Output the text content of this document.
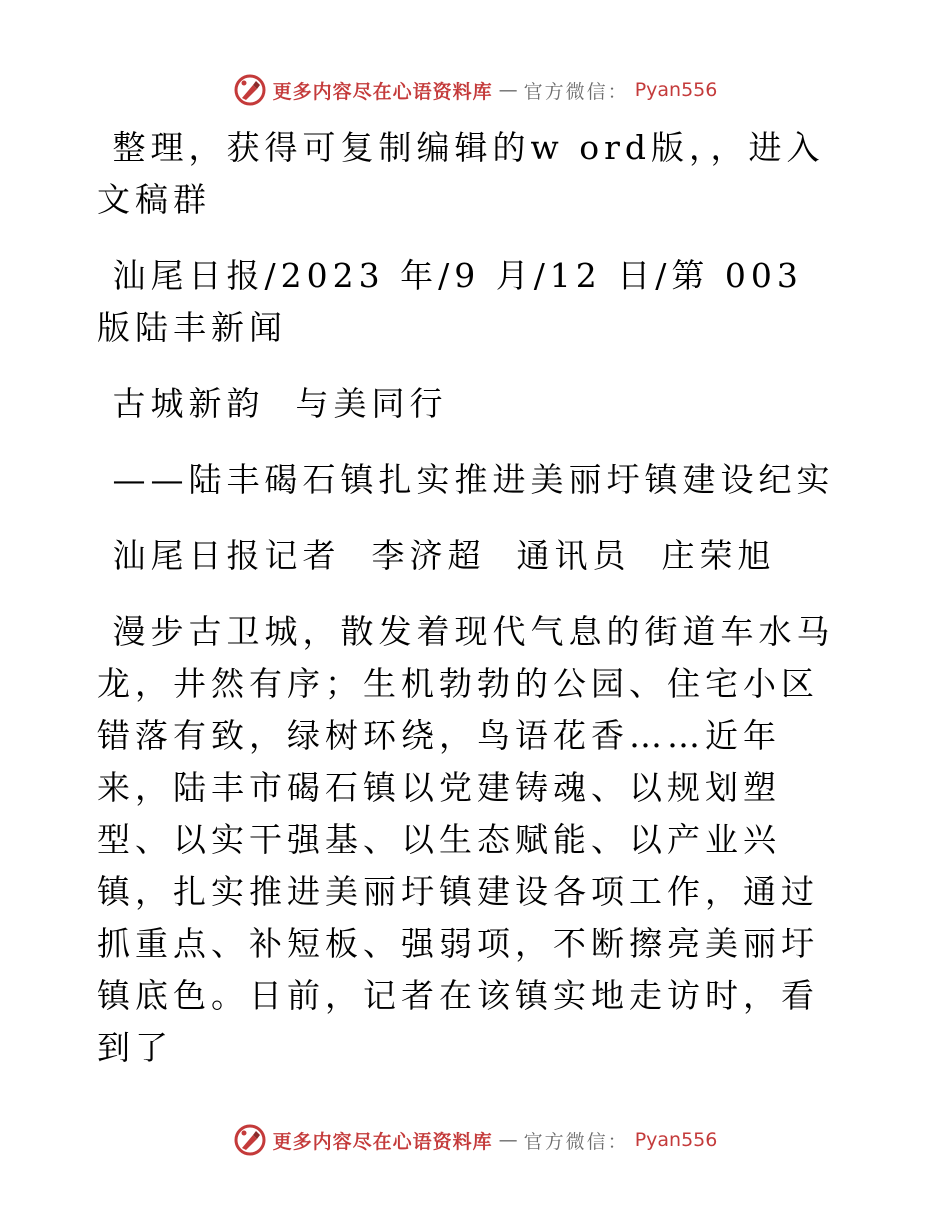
更多内容尽在心语资料库 — 官方微信： Pyan556

整理，获得可复制编辑的w ord版，，进入文稿群

汕尾日报/2023 年/9 月/12 日/第 003 版陆丰新闻

古城新韵  与美同行

——陆丰碣石镇扎实推进美丽圩镇建设纪实

汕尾日报记者  李济超  通讯员  庄荣旭

漫步古卫城，散发着现代气息的街道车水马龙，井然有序；生机勃勃的公园、住宅小区错落有致，绿树环绕，鸟语花香……近年来，陆丰市碣石镇以党建铸魂、以规划塑型、以实干强基、以生态赋能、以产业兴镇，扎实推进美丽圩镇建设各项工作，通过抓重点、补短板、强弱项，不断擦亮美丽圩镇底色。日前，记者在该镇实地走访时，看到了

更多内容尽在心语资料库 — 官方微信： Pyan556
